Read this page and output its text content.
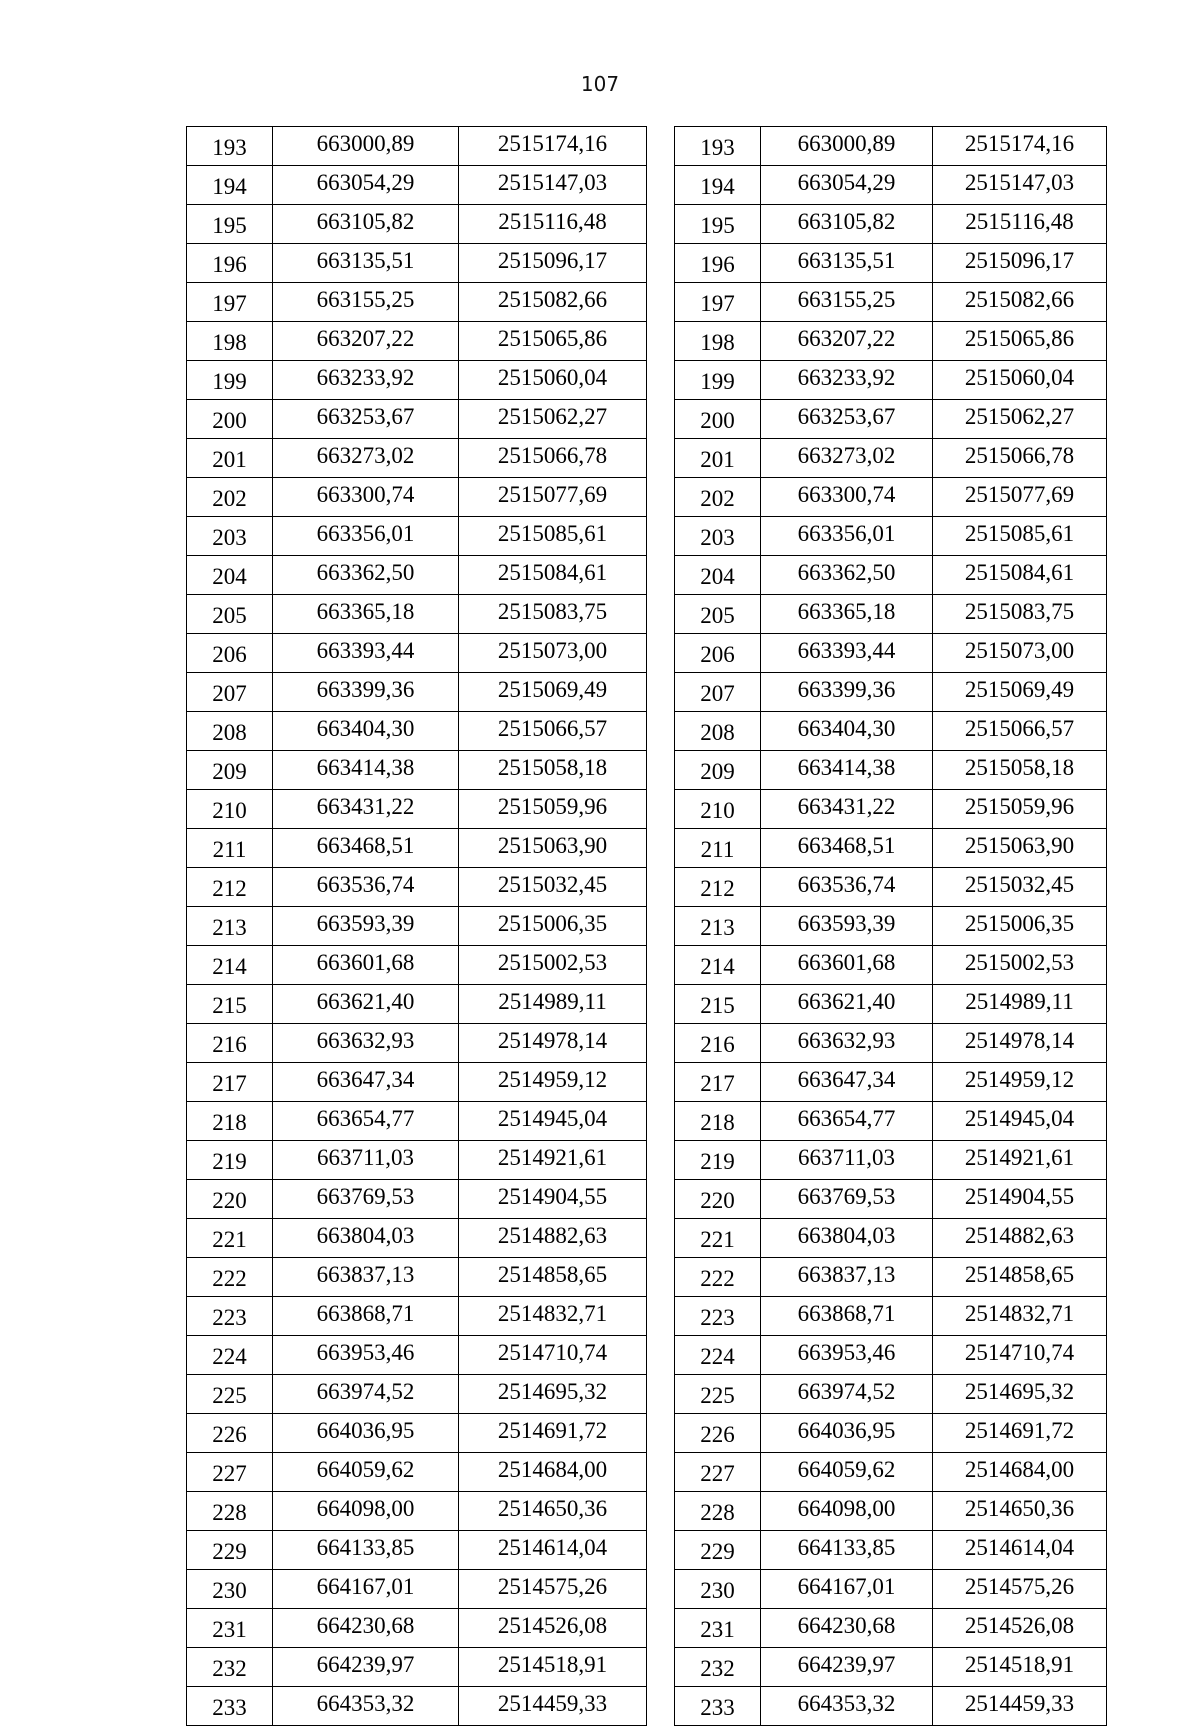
107
193	663000,89	2515174,16
194	663054,29	2515147,03
195	663105,82	2515116,48
196	663135,51	2515096,17
197	663155,25	2515082,66
198	663207,22	2515065,86
199	663233,92	2515060,04
200	663253,67	2515062,27
201	663273,02	2515066,78
202	663300,74	2515077,69
203	663356,01	2515085,61
204	663362,50	2515084,61
205	663365,18	2515083,75
206	663393,44	2515073,00
207	663399,36	2515069,49
208	663404,30	2515066,57
209	663414,38	2515058,18
210	663431,22	2515059,96
211	663468,51	2515063,90
212	663536,74	2515032,45
213	663593,39	2515006,35
214	663601,68	2515002,53
215	663621,40	2514989,11
216	663632,93	2514978,14
217	663647,34	2514959,12
218	663654,77	2514945,04
219	663711,03	2514921,61
220	663769,53	2514904,55
221	663804,03	2514882,63
222	663837,13	2514858,65
223	663868,71	2514832,71
224	663953,46	2514710,74
225	663974,52	2514695,32
226	664036,95	2514691,72
227	664059,62	2514684,00
228	664098,00	2514650,36
229	664133,85	2514614,04
230	664167,01	2514575,26
231	664230,68	2514526,08
232	664239,97	2514518,91
233	664353,32	2514459,33
193	663000,89	2515174,16
194	663054,29	2515147,03
195	663105,82	2515116,48
196	663135,51	2515096,17
197	663155,25	2515082,66
198	663207,22	2515065,86
199	663233,92	2515060,04
200	663253,67	2515062,27
201	663273,02	2515066,78
202	663300,74	2515077,69
203	663356,01	2515085,61
204	663362,50	2515084,61
205	663365,18	2515083,75
206	663393,44	2515073,00
207	663399,36	2515069,49
208	663404,30	2515066,57
209	663414,38	2515058,18
210	663431,22	2515059,96
211	663468,51	2515063,90
212	663536,74	2515032,45
213	663593,39	2515006,35
214	663601,68	2515002,53
215	663621,40	2514989,11
216	663632,93	2514978,14
217	663647,34	2514959,12
218	663654,77	2514945,04
219	663711,03	2514921,61
220	663769,53	2514904,55
221	663804,03	2514882,63
222	663837,13	2514858,65
223	663868,71	2514832,71
224	663953,46	2514710,74
225	663974,52	2514695,32
226	664036,95	2514691,72
227	664059,62	2514684,00
228	664098,00	2514650,36
229	664133,85	2514614,04
230	664167,01	2514575,26
231	664230,68	2514526,08
232	664239,97	2514518,91
233	664353,32	2514459,33
